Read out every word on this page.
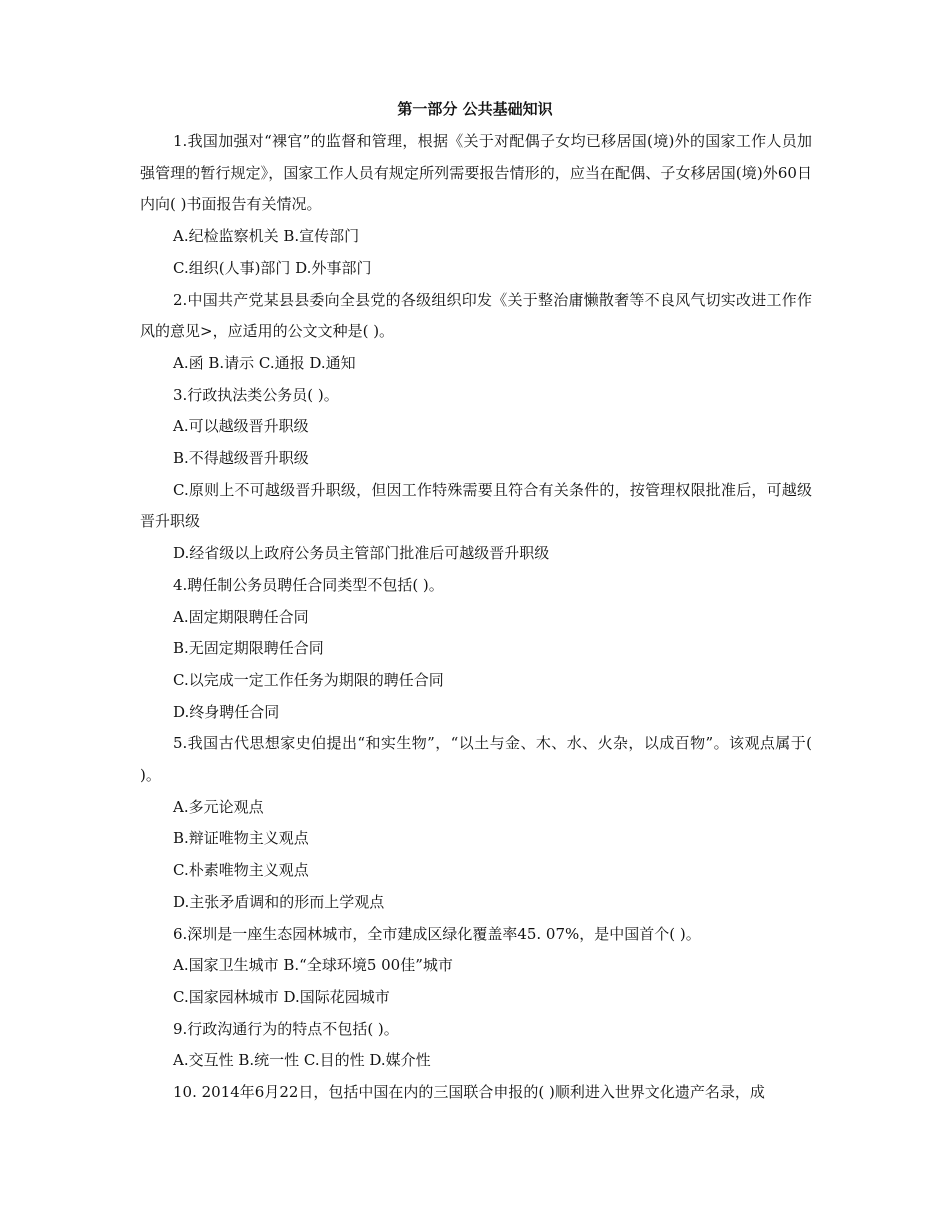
第一部分 公共基础知识

1.我国加强对“裸官”的监督和管理，根据《关于对配偶子女均已移居国(境)外的国家工作人员加强管理的暂行规定》，国家工作人员有规定所列需要报告情形的，应当在配偶、子女移居国(境)外60日内向( )书面报告有关情况。

A.纪检监察机关 B.宣传部门

C.组织(人事)部门 D.外事部门

2.中国共产党某县县委向全县党的各级组织印发《关于整治庸懒散奢等不良风气切实改进工作作风的意见>，应适用的公文文种是( )。

A.函 B.请示 C.通报 D.通知

3.行政执法类公务员( )。

A.可以越级晋升职级

B.不得越级晋升职级

C.原则上不可越级晋升职级，但因工作特殊需要且符合有关条件的，按管理权限批准后，可越级晋升职级

D.经省级以上政府公务员主管部门批准后可越级晋升职级

4.聘任制公务员聘任合同类型不包括( )。

A.固定期限聘任合同

B.无固定期限聘任合同

C.以完成一定工作任务为期限的聘任合同

D.终身聘任合同

5.我国古代思想家史伯提出“和实生物”，“以土与金、木、水、火杂，以成百物”。该观点属于( )。

A.多元论观点

B.辩证唯物主义观点

C.朴素唯物主义观点

D.主张矛盾调和的形而上学观点

6.深圳是一座生态园林城市，全市建成区绿化覆盖率45. 07%，是中国首个( )。

A.国家卫生城市 B.“全球环境5 00佳”城市

C.国家园林城市 D.国际花园城市

9.行政沟通行为的特点不包括( )。

A.交互性 B.统一性 C.目的性 D.媒介性

10. 2014年6月22日，包括中国在内的三国联合申报的( )顺利进入世界文化遗产名录，成
